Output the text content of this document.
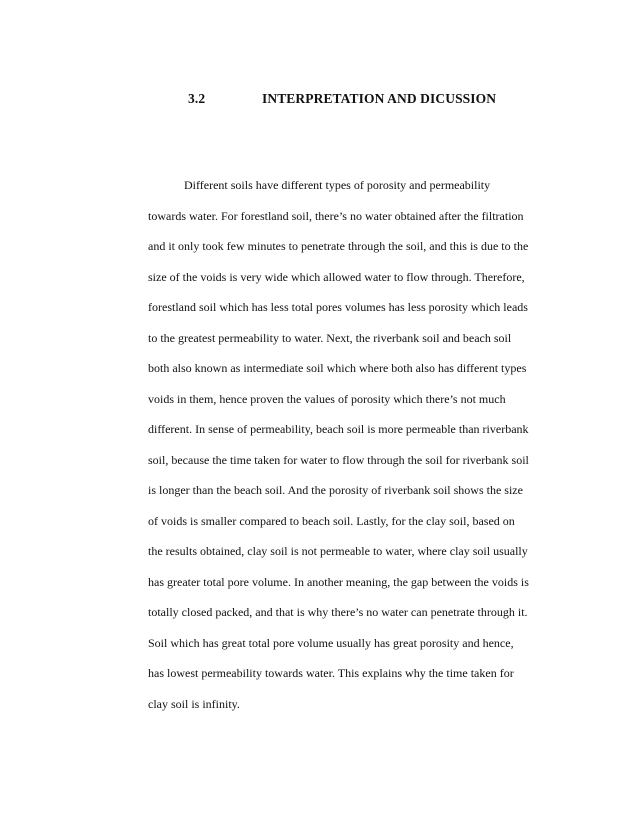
3.2	INTERPRETATION AND DICUSSION
Different soils have different types of porosity and permeability
towards water. For forestland soil, there’s no water obtained after the filtration
and it only took few minutes to penetrate through the soil, and this is due to the
size of the voids is very wide which allowed water to flow through. Therefore,
forestland soil which has less total pores volumes has less porosity which leads
to the greatest permeability to water. Next, the riverbank soil and beach soil
both also known as intermediate soil which where both also has different types
voids in them, hence proven the values of porosity which there’s not much
different. In sense of permeability, beach soil is more permeable than riverbank
soil, because the time taken for water to flow through the soil for riverbank soil
is longer than the beach soil. And the porosity of riverbank soil shows the size
of voids is smaller compared to beach soil. Lastly, for the clay soil, based on
the results obtained, clay soil is not permeable to water, where clay soil usually
has greater total pore volume. In another meaning, the gap between the voids is
totally closed packed, and that is why there’s no water can penetrate through it.
Soil which has great total pore volume usually has great porosity and hence,
has lowest permeability towards water. This explains why the time taken for
clay soil is infinity.
